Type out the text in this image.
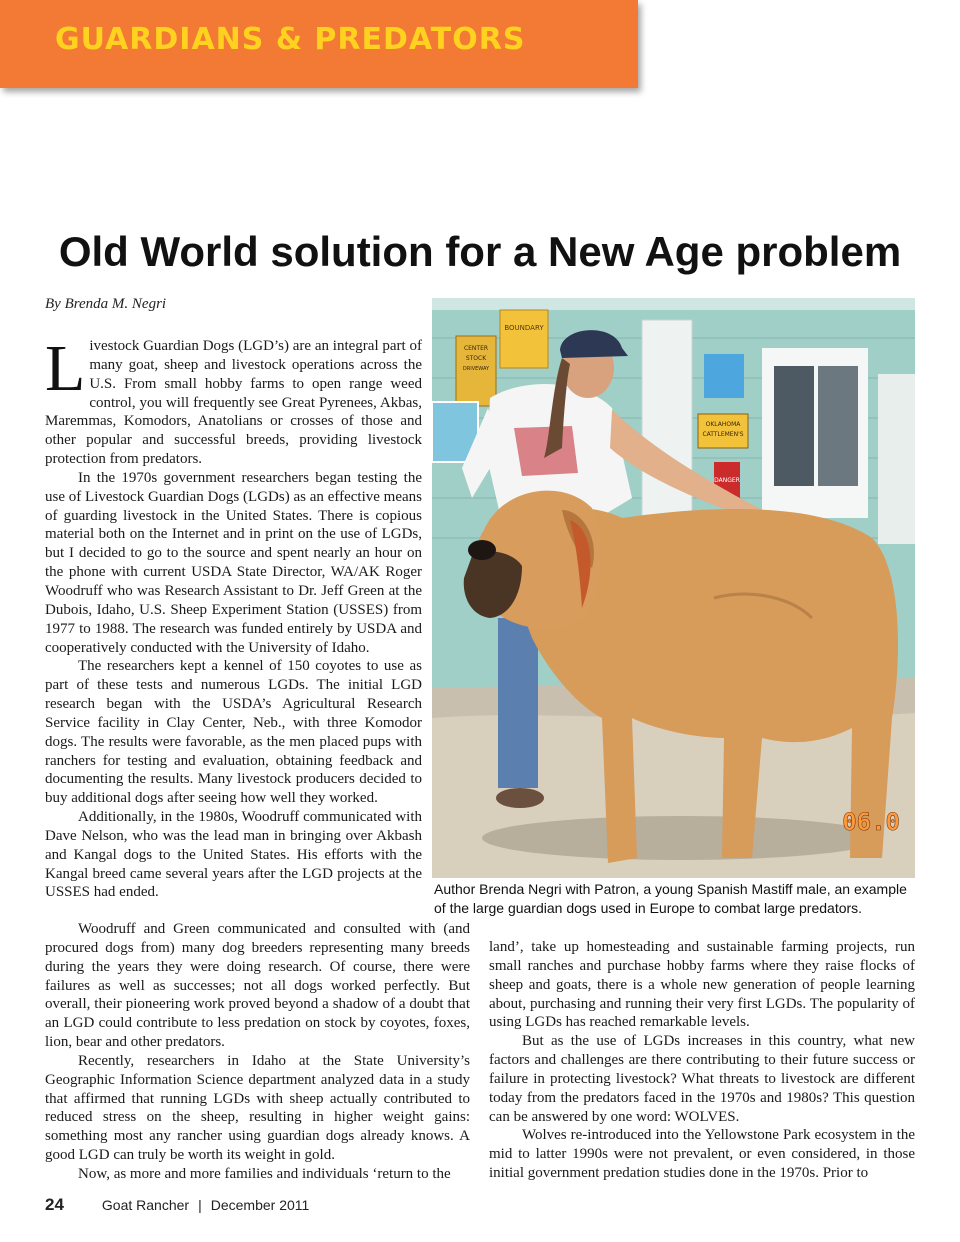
GUARDIANS & PREDATORS
Old World solution for a New Age problem
By Brenda M. Negri

Livestock Guardian Dogs (LGD’s) are an integral part of many goat, sheep and livestock operations across the U.S. From small hobby farms to open range weed control, you will frequently see Great Pyrenees, Akbas, Maremmas, Komodors, Anatolians or crosses of those and other popular and successful breeds, providing livestock protection from predators.

In the 1970s government researchers began testing the use of Livestock Guardian Dogs (LGDs) as an effective means of guarding livestock in the United States. There is copious material both on the Internet and in print on the use of LGDs, but I decided to go to the source and spent nearly an hour on the phone with current USDA State Director, WA/AK Roger Woodruff who was Research Assistant to Dr. Jeff Green at the Dubois, Idaho, U.S. Sheep Experiment Station (USSES) from 1977 to 1988. The research was funded entirely by USDA and cooperatively conducted with the University of Idaho.

The researchers kept a kennel of 150 coyotes to use as part of these tests and numerous LGDs. The initial LGD research began with the USDA’s Agricultural Research Service facility in Clay Center, Neb., with three Komodor dogs. The results were favorable, as the men placed pups with ranchers for testing and evaluation, obtaining feedback and documenting the results. Many livestock producers decided to buy additional dogs after seeing how well they worked.

Additionally, in the 1980s, Woodruff communicated with Dave Nelson, who was the lead man in bringing over Akbash and Kangal dogs to the United States. His efforts with the Kangal breed came several years after the LGD projects at the USSES had ended.

Woodruff and Green communicated and consulted with (and procured dogs from) many dog breeders representing many breeds during the years they were doing research. Of course, there were failures as well as successes; not all dogs worked perfectly. But overall, their pioneering work proved beyond a shadow of a doubt that an LGD could contribute to less predation on stock by coyotes, foxes, lion, bear and other predators.

Recently, researchers in Idaho at the State University’s Geographic Information Science department analyzed data in a study that affirmed that running LGDs with sheep actually contributed to reduced stress on the sheep, resulting in higher weight gains: something most any rancher using guardian dogs already knows. A good LGD can truly be worth its weight in gold.

Now, as more and more families and individuals ‘return to the

BOUNDARY
CENTER
STOCK
DRIVEWAY
OKLAHOMA
CATTLEMEN'S
DANGER
06.0
Author Brenda Negri with Patron, a young Spanish Mastiff male, an example of the large guardian dogs used in Europe to combat large predators.

land’, take up homesteading and sustainable farming projects, run small ranches and purchase hobby farms where they raise flocks of sheep and goats, there is a whole new generation of people learning about, purchasing and running their very first LGDs. The popularity of using LGDs has reached remarkable levels.

But as the use of LGDs increases in this country, what new factors and challenges are there contributing to their future success or failure in protecting livestock? What threats to livestock are different today from the predators faced in the 1970s and 1980s? This question can be answered by one word: WOLVES.

Wolves re-introduced into the Yellowstone Park ecosystem in the mid to latter 1990s were not prevalent, or even considered, in those initial government predation studies done in the 1970s. Prior to

24	Goat Rancher | December 2011
